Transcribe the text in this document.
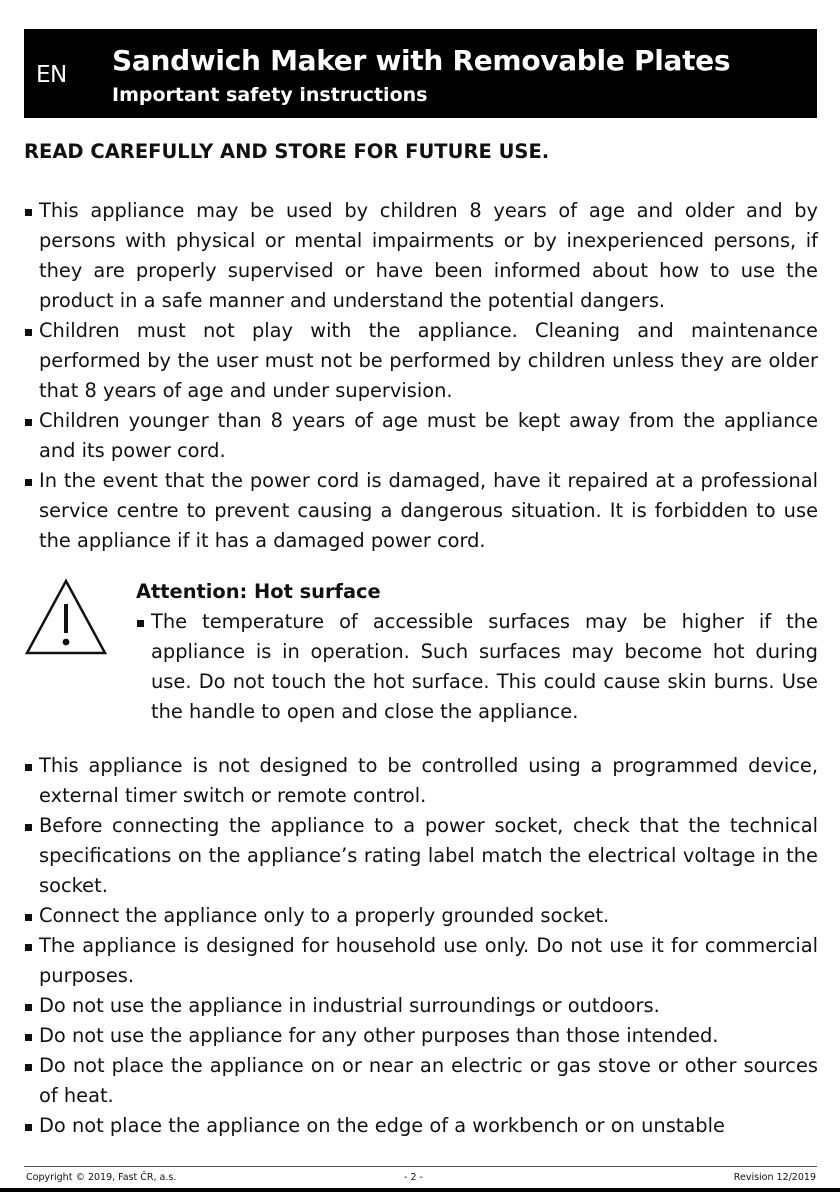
EN Sandwich Maker with Removable Plates
Important safety instructions
READ CAREFULLY AND STORE FOR FUTURE USE.
This appliance may be used by children 8 years of age and older and by persons with physical or mental impairments or by inexperienced persons, if they are properly supervised or have been informed about how to use the product in a safe manner and understand the potential dangers.
Children must not play with the appliance. Cleaning and maintenance performed by the user must not be performed by children unless they are older that 8 years of age and under supervision.
Children younger than 8 years of age must be kept away from the appliance and its power cord.
In the event that the power cord is damaged, have it repaired at a professional service centre to prevent causing a dangerous situation. It is forbidden to use the appliance if it has a damaged power cord.
Attention: Hot surface
The temperature of accessible surfaces may be higher if the appliance is in operation. Such surfaces may become hot during use. Do not touch the hot surface. This could cause skin burns. Use the handle to open and close the appliance.
This appliance is not designed to be controlled using a programmed device, external timer switch or remote control.
Before connecting the appliance to a power socket, check that the technical specifications on the appliance’s rating label match the electrical voltage in the socket.
Connect the appliance only to a properly grounded socket.
The appliance is designed for household use only. Do not use it for commercial purposes.
Do not use the appliance in industrial surroundings or outdoors.
Do not use the appliance for any other purposes than those intended.
Do not place the appliance on or near an electric or gas stove or other sources of heat.
Do not place the appliance on the edge of a workbench or on unstable
Copyright © 2019, Fast ČR, a.s.	- 2 -	Revision 12/2019
